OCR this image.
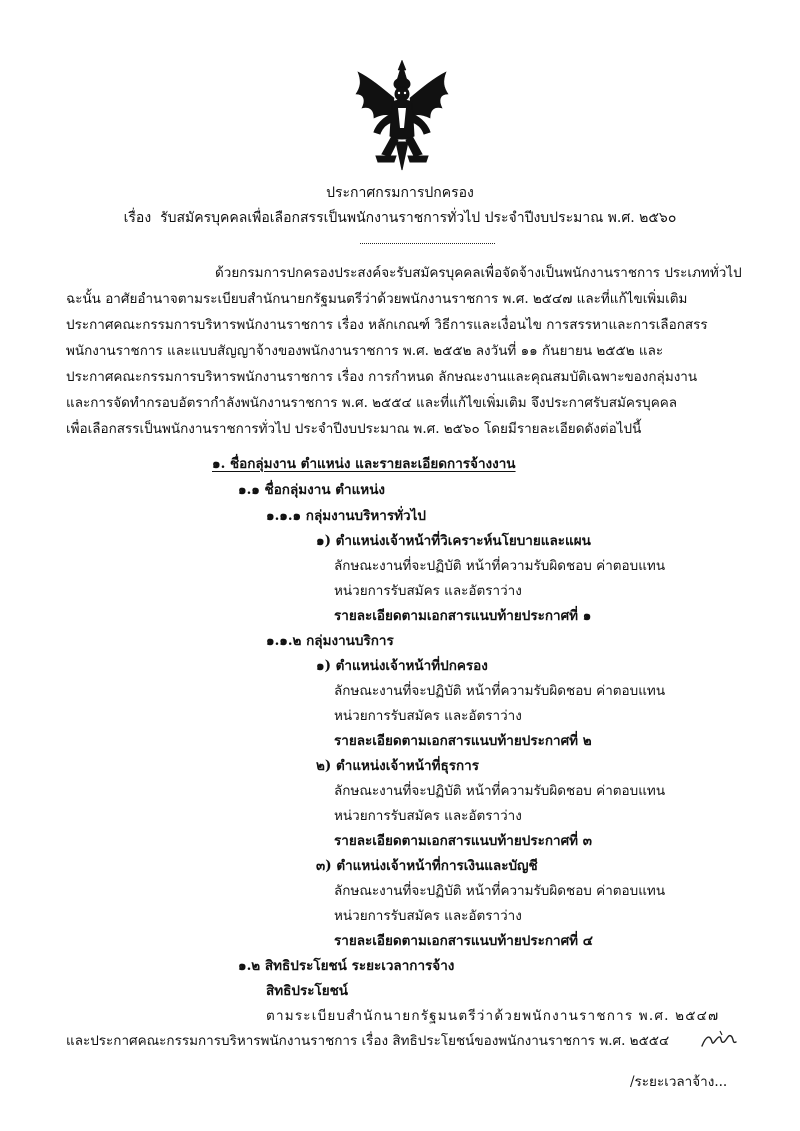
ประกาศกรมการปกครอง
เรื่อง รับสมัครบุคคลเพื่อเลือกสรรเป็นพนักงานราชการทั่วไป ประจำปีงบประมาณ พ.ศ. ๒๕๖๐
ด้วยกรมการปกครองประสงค์จะรับสมัครบุคคลเพื่อจัดจ้างเป็นพนักงานราชการ ประเภททั่วไป
ฉะนั้น อาศัยอำนาจตามระเบียบสำนักนายกรัฐมนตรีว่าด้วยพนักงานราชการ พ.ศ. ๒๕๔๗ และที่แก้ไขเพิ่มเติม
ประกาศคณะกรรมการบริหารพนักงานราชการ เรื่อง หลักเกณฑ์ วิธีการและเงื่อนไข การสรรหาและการเลือกสรร
พนักงานราชการ และแบบสัญญาจ้างของพนักงานราชการ พ.ศ. ๒๕๕๒ ลงวันที่ ๑๑ กันยายน ๒๕๕๒ และ
ประกาศคณะกรรมการบริหารพนักงานราชการ เรื่อง การกำหนด ลักษณะงานและคุณสมบัติเฉพาะของกลุ่มงาน
และการจัดทำกรอบอัตรากำลังพนักงานราชการ พ.ศ. ๒๕๕๔ และที่แก้ไขเพิ่มเติม จึงประกาศรับสมัครบุคคล
เพื่อเลือกสรรเป็นพนักงานราชการทั่วไป ประจำปีงบประมาณ พ.ศ. ๒๕๖๐ โดยมีรายละเอียดดังต่อไปนี้
๑. ชื่อกลุ่มงาน ตำแหน่ง และรายละเอียดการจ้างงาน
๑.๑ ชื่อกลุ่มงาน ตำแหน่ง
๑.๑.๑ กลุ่มงานบริหารทั่วไป
๑) ตำแหน่งเจ้าหน้าที่วิเคราะห์นโยบายและแผน
ลักษณะงานที่จะปฏิบัติ หน้าที่ความรับผิดชอบ ค่าตอบแทน
หน่วยการรับสมัคร และอัตราว่าง
รายละเอียดตามเอกสารแนบท้ายประกาศที่ ๑
๑.๑.๒ กลุ่มงานบริการ
๑) ตำแหน่งเจ้าหน้าที่ปกครอง
ลักษณะงานที่จะปฏิบัติ หน้าที่ความรับผิดชอบ ค่าตอบแทน
หน่วยการรับสมัคร และอัตราว่าง
รายละเอียดตามเอกสารแนบท้ายประกาศที่ ๒
๒) ตำแหน่งเจ้าหน้าที่ธุรการ
ลักษณะงานที่จะปฏิบัติ หน้าที่ความรับผิดชอบ ค่าตอบแทน
หน่วยการรับสมัคร และอัตราว่าง
รายละเอียดตามเอกสารแนบท้ายประกาศที่ ๓
๓) ตำแหน่งเจ้าหน้าที่การเงินและบัญชี
ลักษณะงานที่จะปฏิบัติ หน้าที่ความรับผิดชอบ ค่าตอบแทน
หน่วยการรับสมัคร และอัตราว่าง
รายละเอียดตามเอกสารแนบท้ายประกาศที่ ๔
๑.๒ สิทธิประโยชน์ ระยะเวลาการจ้าง
สิทธิประโยชน์
ตามระเบียบสำนักนายกรัฐมนตรีว่าด้วยพนักงานราชการ พ.ศ. ๒๕๔๗
และประกาศคณะกรรมการบริหารพนักงานราชการ เรื่อง สิทธิประโยชน์ของพนักงานราชการ พ.ศ. ๒๕๕๔
/ระยะเวลาจ้าง...
